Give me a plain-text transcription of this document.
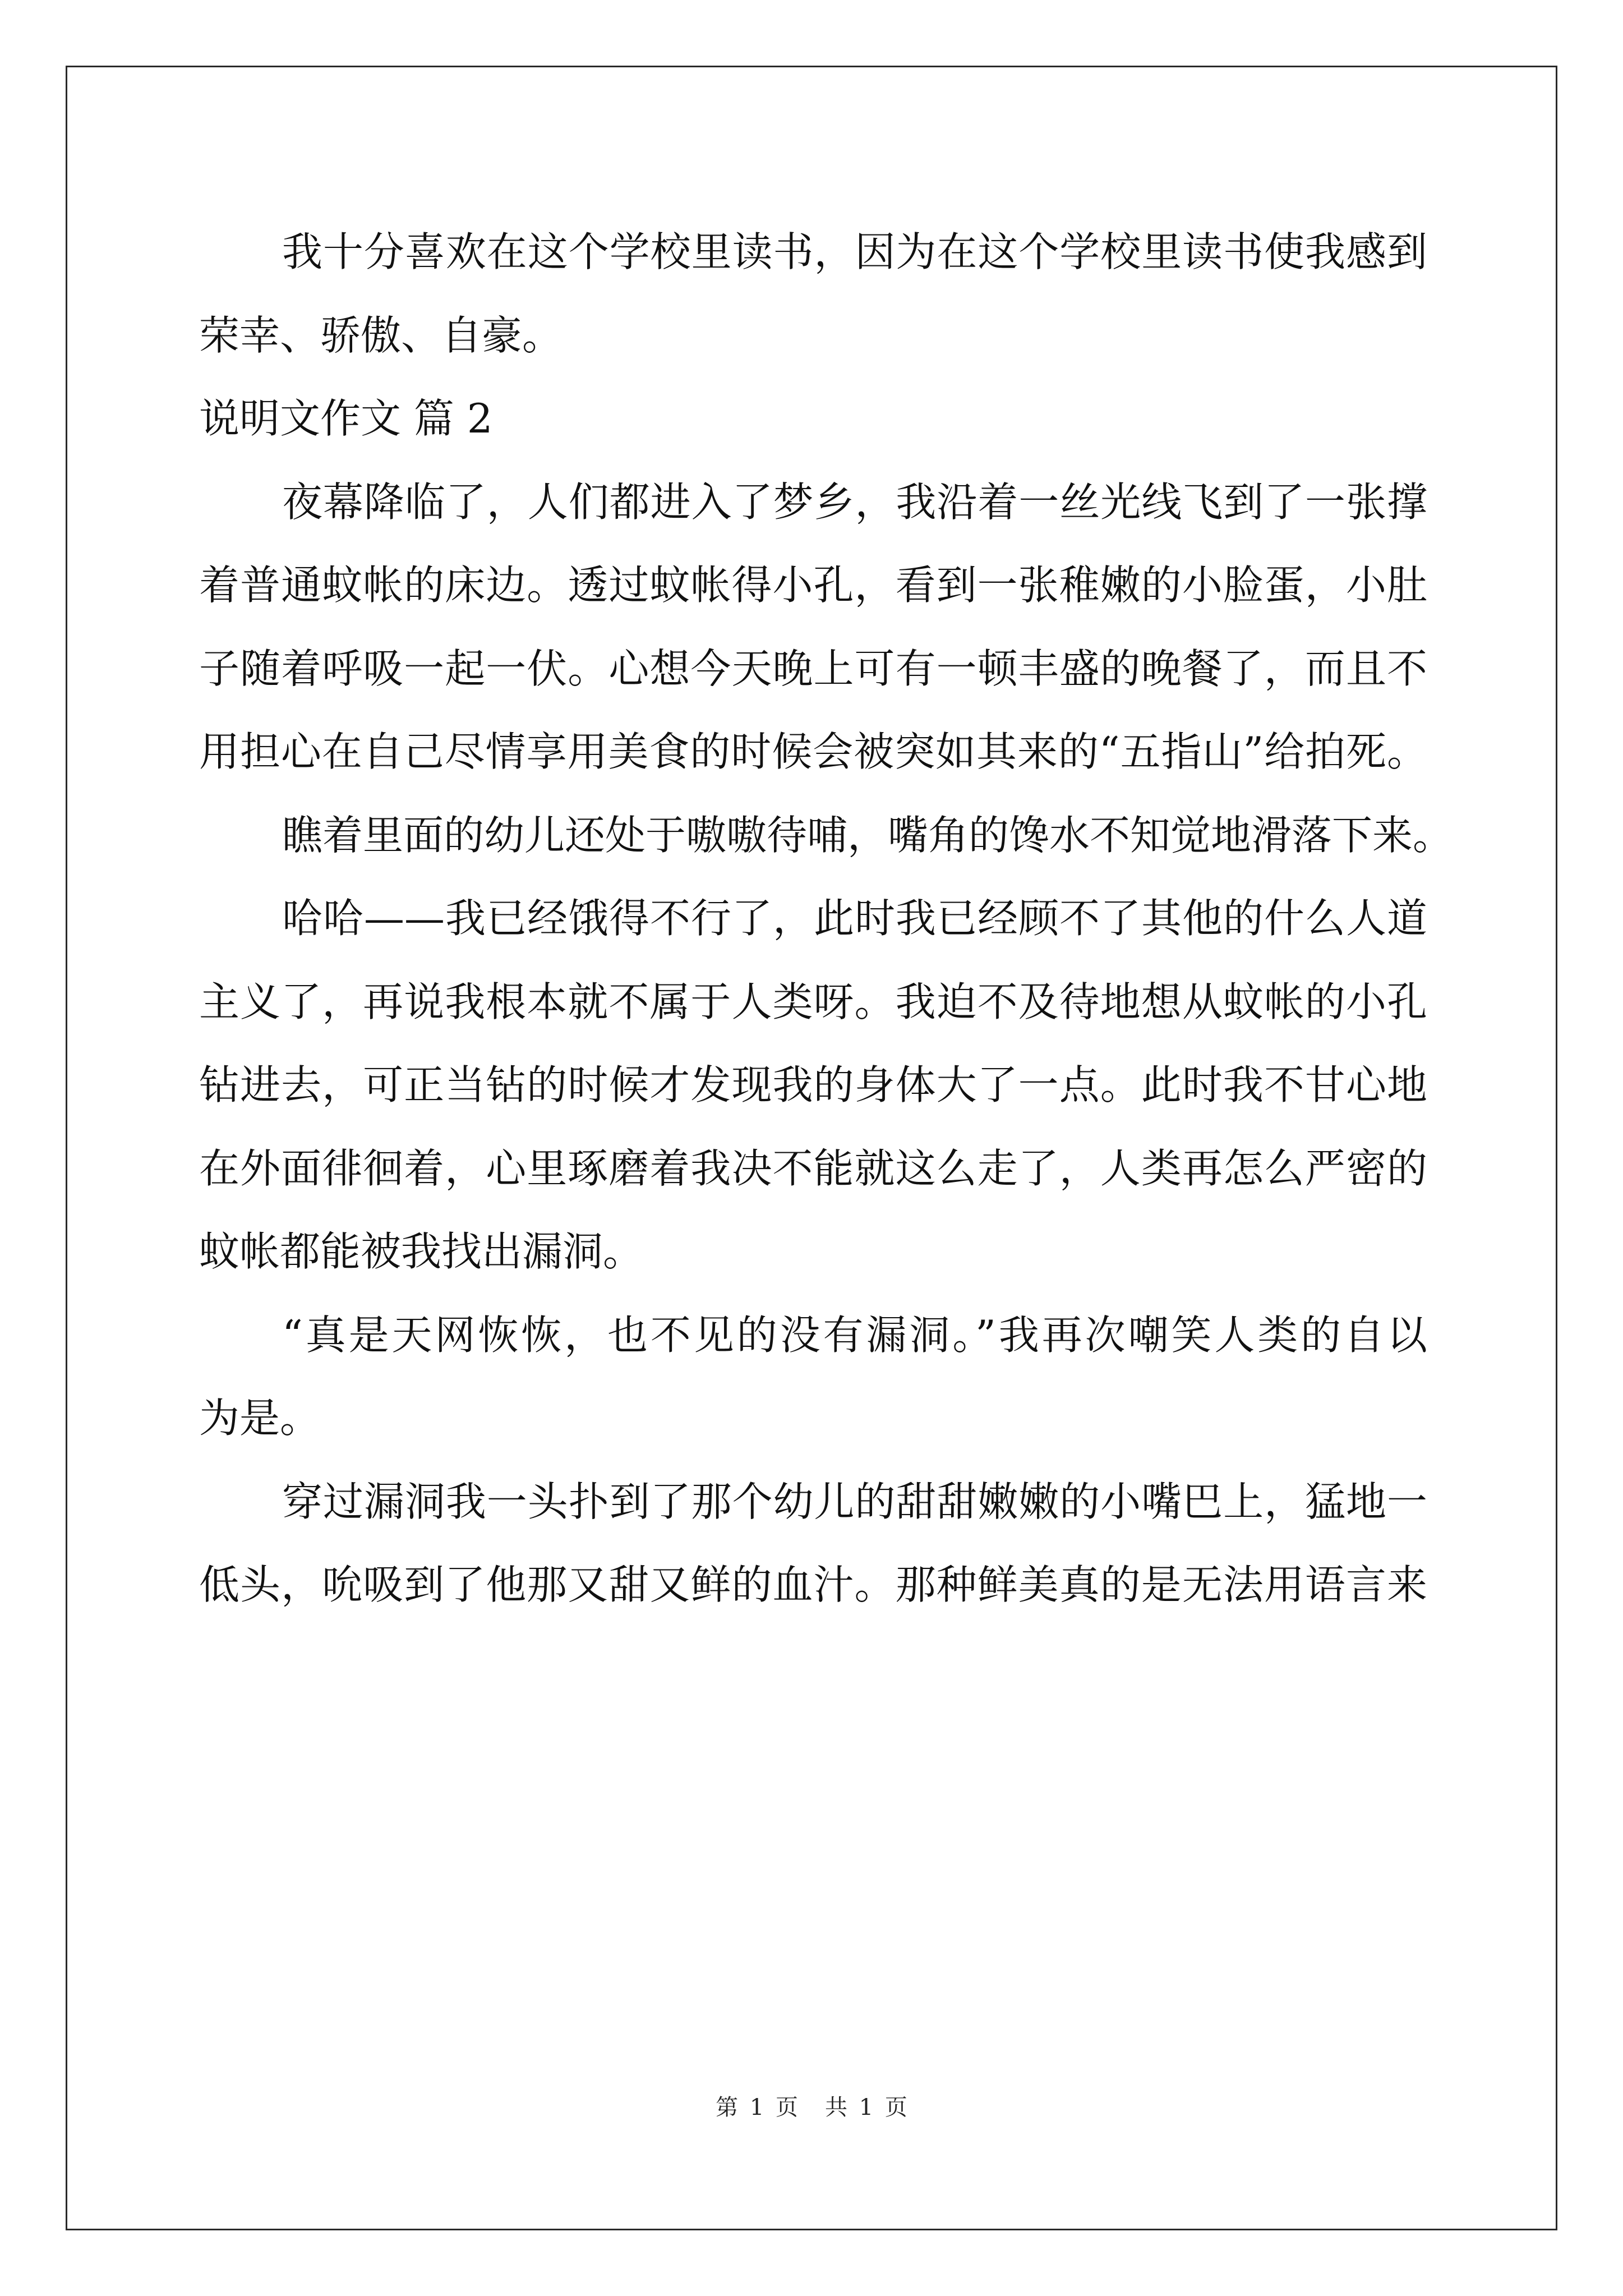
我十分喜欢在这个学校里读书，因为在这个学校里读书使我感到
荣幸、骄傲、自豪。
说明文作文 篇 2
夜幕降临了，人们都进入了梦乡，我沿着一丝光线飞到了一张撑
着普通蚊帐的床边。透过蚊帐得小孔，看到一张稚嫩的小脸蛋，小肚
子随着呼吸一起一伏。心想今天晚上可有一顿丰盛的晚餐了，而且不
用担心在自己尽情享用美食的时候会被突如其来的“五指山”给拍死。
瞧着里面的幼儿还处于嗷嗷待哺，嘴角的馋水不知觉地滑落下来。
哈哈——我已经饿得不行了，此时我已经顾不了其他的什么人道
主义了，再说我根本就不属于人类呀。我迫不及待地想从蚊帐的小孔
钻进去，可正当钻的时候才发现我的身体大了一点。此时我不甘心地
在外面徘徊着，心里琢磨着我决不能就这么走了，人类再怎么严密的
蚊帐都能被我找出漏洞。
“真是天网恢恢，也不见的没有漏洞。”我再次嘲笑人类的自以
为是。
穿过漏洞我一头扑到了那个幼儿的甜甜嫩嫩的小嘴巴上，猛地一
低头，吮吸到了他那又甜又鲜的血汁。那种鲜美真的是无法用语言来
第 1 页 共 1 页
